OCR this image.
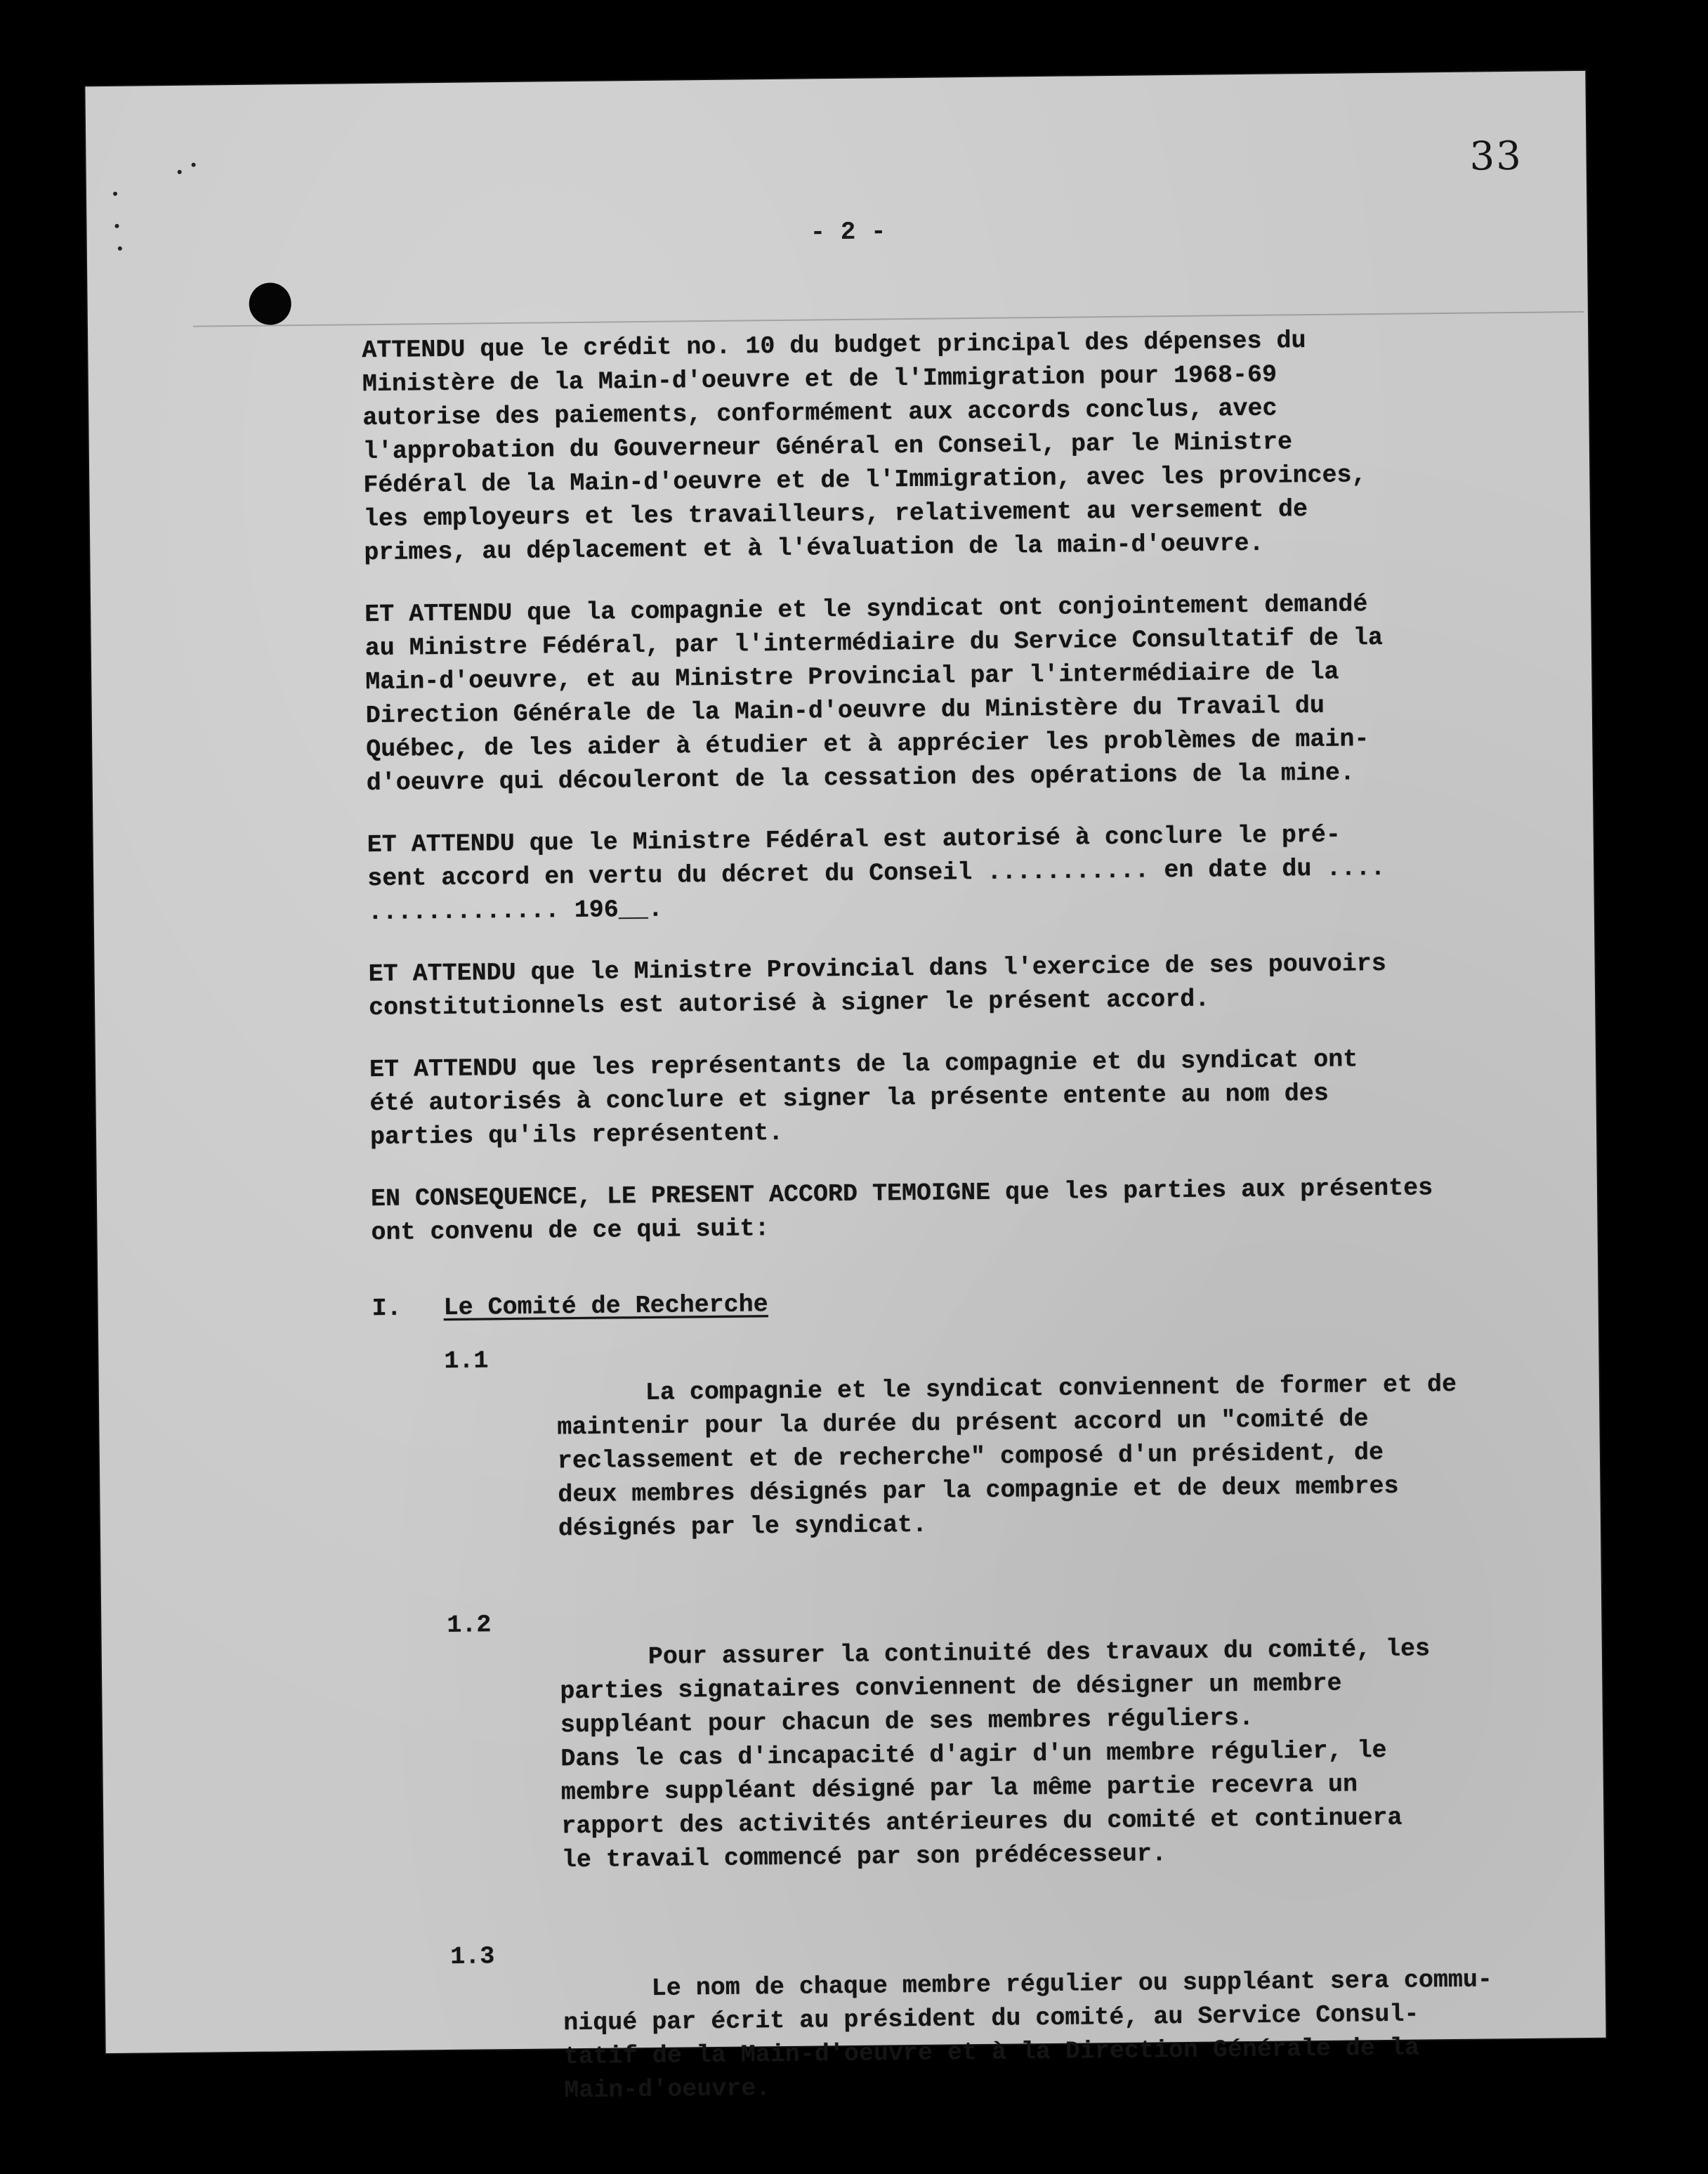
33
- 2 -

ATTENDU que le crédit no. 10 du budget principal des dépenses du
Ministère de la Main-d'oeuvre et de l'Immigration pour 1968-69
autorise des paiements, conformément aux accords conclus, avec
l'approbation du Gouverneur Général en Conseil, par le Ministre
Fédéral de la Main-d'oeuvre et de l'Immigration, avec les provinces,
les employeurs et les travailleurs, relativement au versement de
primes, au déplacement et à l'évaluation de la main-d'oeuvre.

ET ATTENDU que la compagnie et le syndicat ont conjointement demandé
au Ministre Fédéral, par l'intermédiaire du Service Consultatif de la
Main-d'oeuvre, et au Ministre Provincial par l'intermédiaire de la
Direction Générale de la Main-d'oeuvre du Ministère du Travail du
Québec, de les aider à étudier et à apprécier les problèmes de main-
d'oeuvre qui découleront de la cessation des opérations de la mine.

ET ATTENDU que le Ministre Fédéral est autorisé à conclure le pré-
sent accord en vertu du décret du Conseil ........... en date du ....
............. 196__.

ET ATTENDU que le Ministre Provincial dans l'exercice de ses pouvoirs
constitutionnels est autorisé à signer le présent accord.

ET ATTENDU que les représentants de la compagnie et du syndicat ont
été autorisés à conclure et signer la présente entente au nom des
parties qu'ils représentent.

EN CONSEQUENCE, LE PRESENT ACCORD TEMOIGNE que les parties aux présentes
ont convenu de ce qui suit:

I. Le Comité de Recherche

1.1
La compagnie et le syndicat conviennent de former et de
maintenir pour la durée du présent accord un "comité de
reclassement et de recherche" composé d'un président, de
deux membres désignés par la compagnie et de deux membres
désignés par le syndicat.

1.2
Pour assurer la continuité des travaux du comité, les
parties signataires conviennent de désigner un membre
suppléant pour chacun de ses membres réguliers.
Dans le cas d'incapacité d'agir d'un membre régulier, le
membre suppléant désigné par la même partie recevra un
rapport des activités antérieures du comité et continuera
le travail commencé par son prédécesseur.

1.3
Le nom de chaque membre régulier ou suppléant sera commu-
niqué par écrit au président du comité, au Service Consul-
tatif de la Main-d'oeuvre et à la Direction Générale de la
Main-d'oeuvre.
